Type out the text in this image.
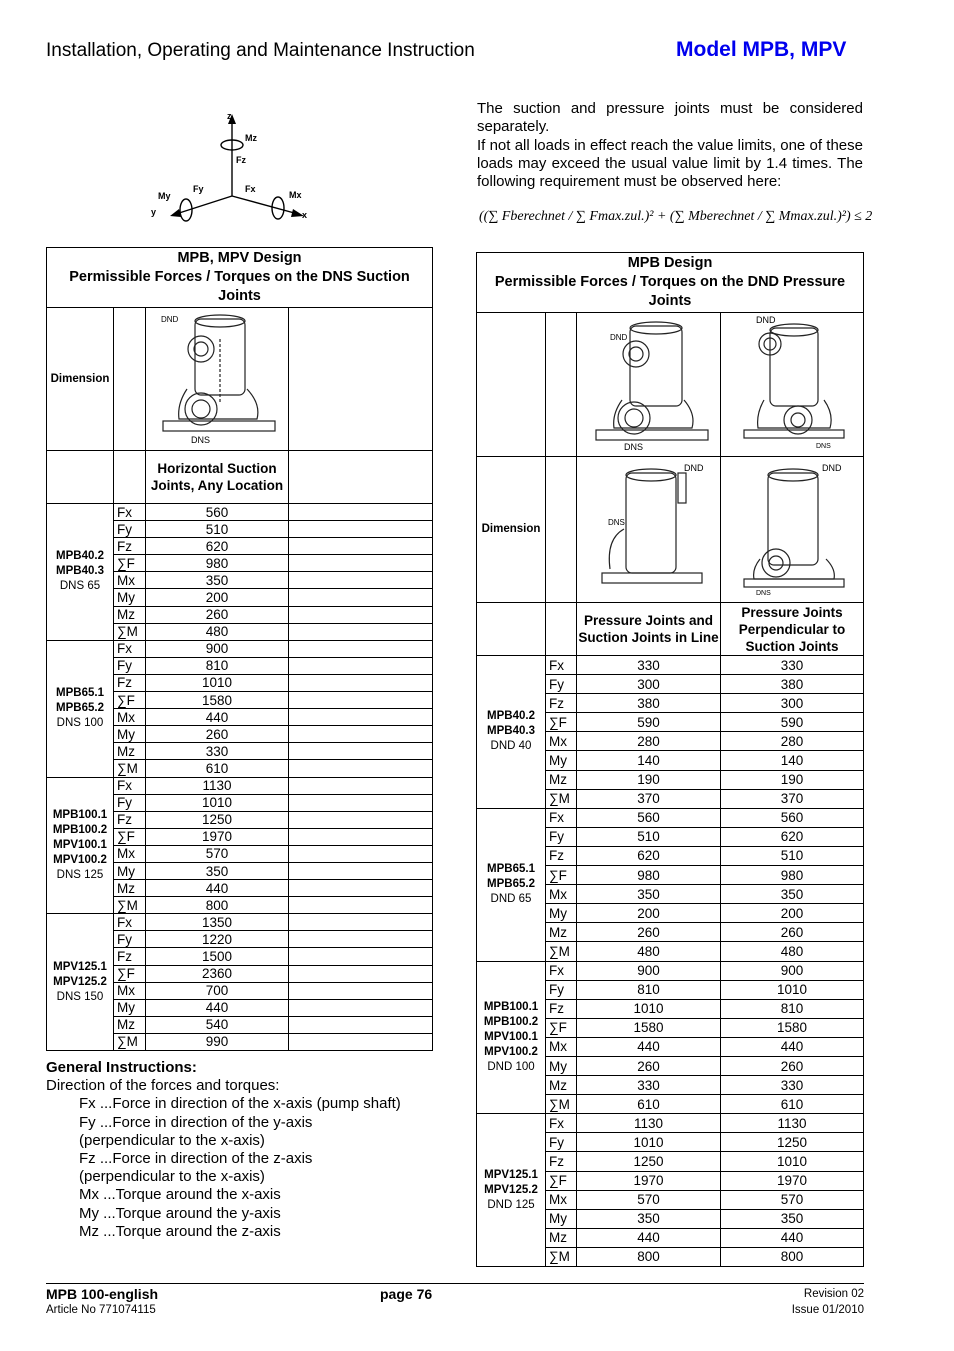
Installation, Operating and Maintenance Instruction	Model MPB, MPV
z
Mz
Fz
Fy	Fx
My	Mx
y	x
The suction and pressure joints must be considered separately.
If not all loads in effect reach the value limits, one of these loads may exceed the usual value limit by 1.4 times. The following requirement must be observed here:
((∑ Fberechnet / ∑ Fmax.zul.)² + (∑ Mberechnet / ∑ Mmax.zul.)²) ≤ 2
MPB, MPV Design
Permissible Forces / Torques on the DNS Suction Joints			
Dimension		DND
DNS	

		Horizontal Suction Joints, Any Location	

MPB40.2
MPB40.3
DNS 65	Fx	560	
	Fy	510	
	Fz	620	
	∑F	980	
	Mx	350	
	My	200	
	Mz	260	
	∑M	480	

MPB65.1
MPB65.2
DNS 100	Fx	900	
	Fy	810	
	Fz	1010	
	∑F	1580	
	Mx	440	
	My	260	
	Mz	330	
	∑M	610	

MPB100.1
MPB100.2
MPV100.1
MPV100.2
DNS 125	Fx	1130	
	Fy	1010	
	Fz	1250	
	∑F	1970	
	Mx	570	
	My	350	
	Mz	440	
	∑M	800	

MPV125.1
MPV125.2
DNS 150	Fx	1350	
	Fy	1220	
	Fz	1500	
	∑F	2360	
	Mx	700	
	My	440	
	Mz	540	
	∑M	990	
MPB Design
Permissible Forces / Torques on the DND Pressure Joints			

DND
DNS	DND
DNS

Dimension		DND
DNS	DND
DNS

		Pressure Joints and Suction Joints in Line	Pressure Joints Perpendicular to Suction Joints

MPB40.2
MPB40.3
DND 40	Fx	330	330
	Fy	300	380
	Fz	380	300
	∑F	590	590
	Mx	280	280
	My	140	140
	Mz	190	190
	∑M	370	370

MPB65.1
MPB65.2
DND 65	Fx	560	560
	Fy	510	620
	Fz	620	510
	∑F	980	980
	Mx	350	350
	My	200	200
	Mz	260	260
	∑M	480	480

MPB100.1
MPB100.2
MPV100.1
MPV100.2
DND 100	Fx	900	900
	Fy	810	1010
	Fz	1010	810
	∑F	1580	1580
	Mx	440	440
	My	260	260
	Mz	330	330
	∑M	610	610

MPV125.1
MPV125.2
DND 125	Fx	1130	1130
	Fy	1010	1250
	Fz	1250	1010
	∑F	1970	1970
	Mx	570	570
	My	350	350
	Mz	440	440
	∑M	800	800
General Instructions:
Direction of the forces and torques:
Fx ...Force in direction of the x-axis (pump shaft)
Fy ...Force in direction of the y-axis
(perpendicular to the x-axis)
Fz ...Force in direction of the z-axis
(perpendicular to the x-axis)
Mx ...Torque around the x-axis
My ...Torque around the y-axis
Mz ...Torque around the z-axis
MPB 100-english
Article No 771074115
page 76	Revision 02
Issue 01/2010
